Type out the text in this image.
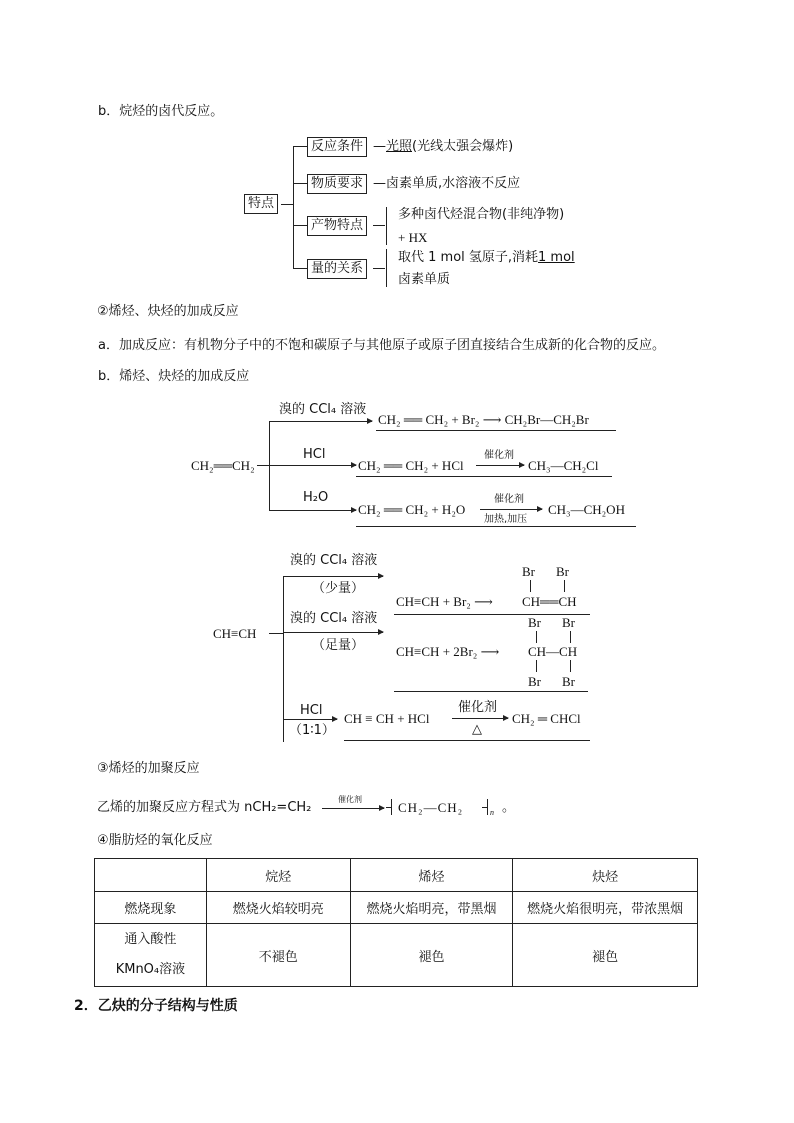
b．烷烃的卤代反应。
特点
反应条件 —光照(光线太强会爆炸)
物质要求 —卤素单质,水溶液不反应
产物特点
多种卤代烃混合物(非纯净物)
+ HX
量的关系
取代 1 mol 氢原子,消耗1 mol
卤素单质
②烯烃、炔烃的加成反应
a．加成反应：有机物分子中的不饱和碳原子与其他原子或原子团直接结合生成新的化合物的反应。
b．烯烃、炔烃的加成反应
CH₂══CH₂
溴的 CCl₄ 溶液
CH₂ ══ CH₂ + Br₂ ⟶ CH₂Br—CH₂Br
HCl
CH₂ ══ CH₂ + HCl
催化剂
CH₃—CH₂Cl
H₂O
CH₂ ══ CH₂ + H₂O
催化剂
加热,加压
CH₃—CH₂OH
CH≡CH
溴的 CCl₄ 溶液
（少量）
Br Br
CH≡CH + Br₂ ⟶ CH══CH
溴的 CCl₄ 溶液
（足量）
Br Br
CH≡CH + 2Br₂ ⟶ CH—CH
Br Br
HCl
（1∶1）
CH ≡ CH + HCl
催化剂
△
CH₂ ═ CHCl
③烯烃的加聚反应
乙烯的加聚反应方程式为 nCH₂=CH₂
催化剂
CH₂—CH₂	n 。
④脂肪烃的氧化反应
	烷烃	烯烃	炔烃
燃烧现象	燃烧火焰较明亮	燃烧火焰明亮，带黑烟	燃烧火焰很明亮，带浓黑烟
通入酸性
KMnO₄溶液	不褪色	褪色	褪色
2．乙炔的分子结构与性质
